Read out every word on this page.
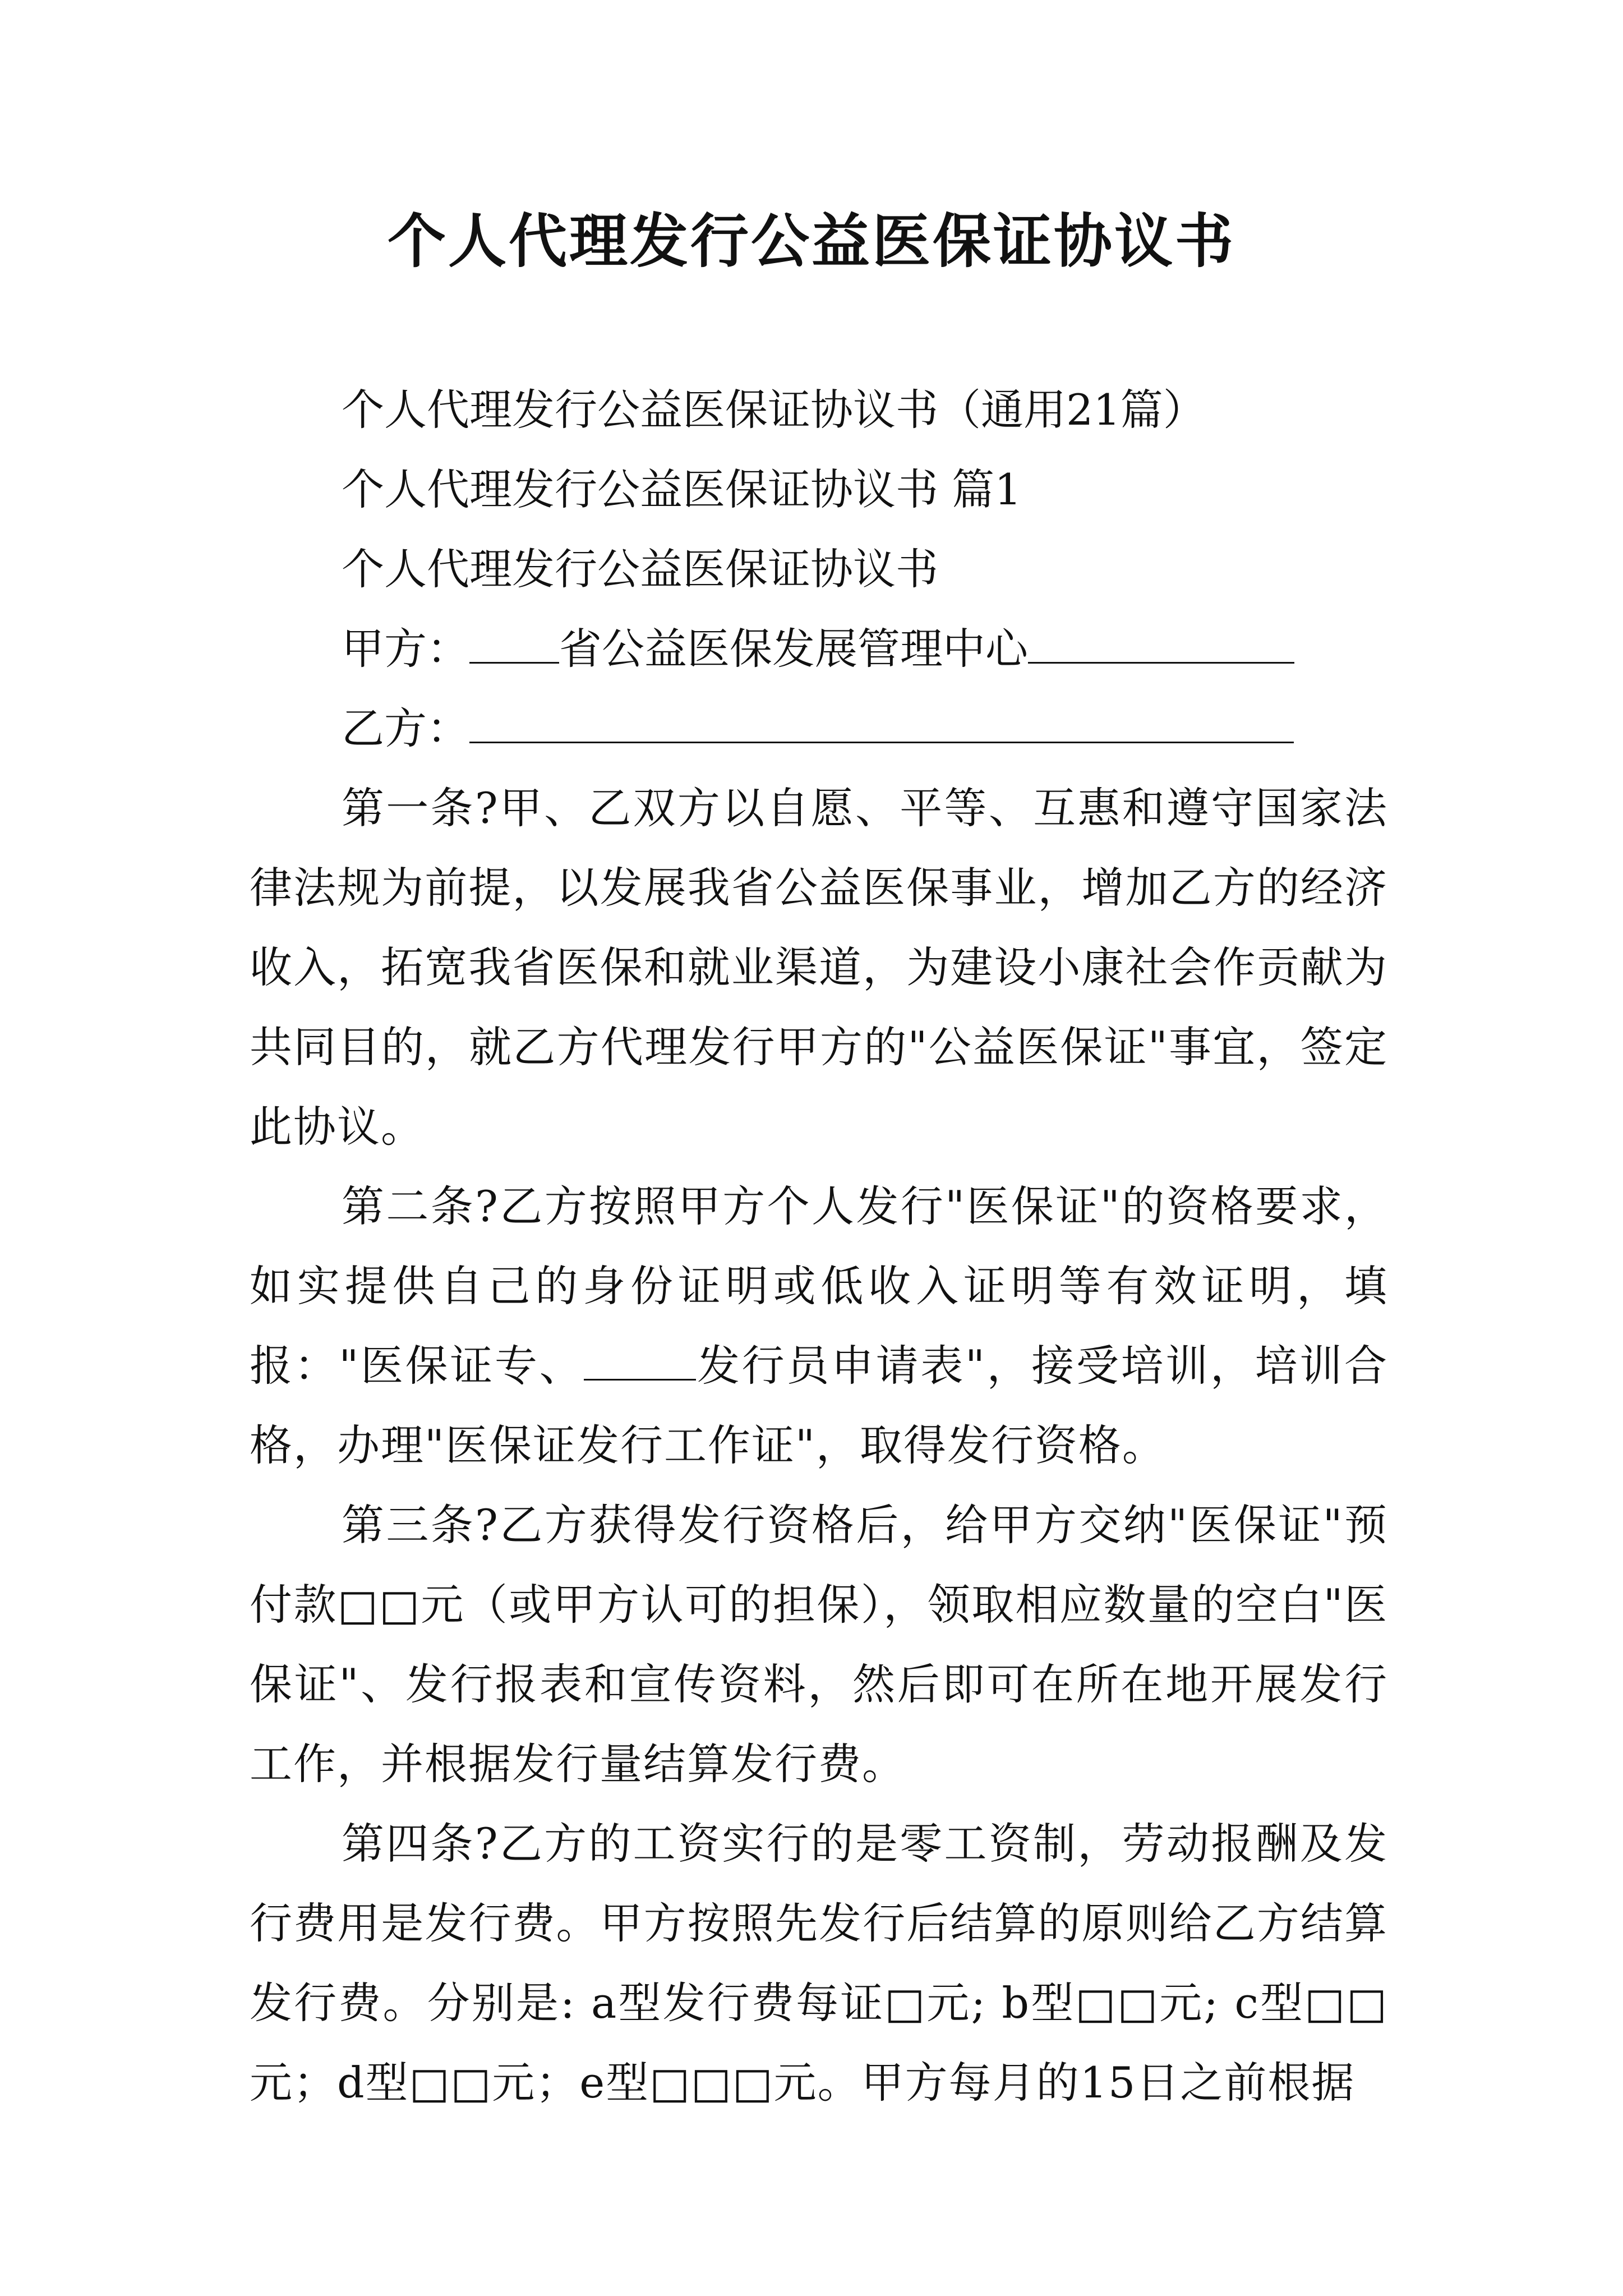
个人代理发行公益医保证协议书

个人代理发行公益医保证协议书（通用21篇）

个人代理发行公益医保证协议书 篇1

个人代理发行公益医保证协议书

甲方： 省公益医保发展管理中心

乙方：

第一条?甲、乙双方以自愿、平等、互惠和遵守国家法律法规为前提，以发展我省公益医保事业，增加乙方的经济收入，拓宽我省医保和就业渠道，为建设小康社会作贡献为共同目的，就乙方代理发行甲方的"公益医保证"事宜，签定此协议。

第二条?乙方按照甲方个人发行"医保证"的资格要求，如实提供自己的身份证明或低收入证明等有效证明，填报："医保证专、	发行员申请表"，接受培训，培训合格，办理"医保证发行工作证"，取得发行资格。

第三条?乙方获得发行资格后，给甲方交纳"医保证"预付款□□元（或甲方认可的担保），领取相应数量的空白"医保证"、发行报表和宣传资料，然后即可在所在地开展发行工作，并根据发行量结算发行费。

第四条?乙方的工资实行的是零工资制，劳动报酬及发行费用是发行费。甲方按照先发行后结算的原则给乙方结算发行费。分别是: a型发行费每证□元; b型□□元; c型□□元；d型□□元；e型□□□元。甲方每月的15日之前根据
